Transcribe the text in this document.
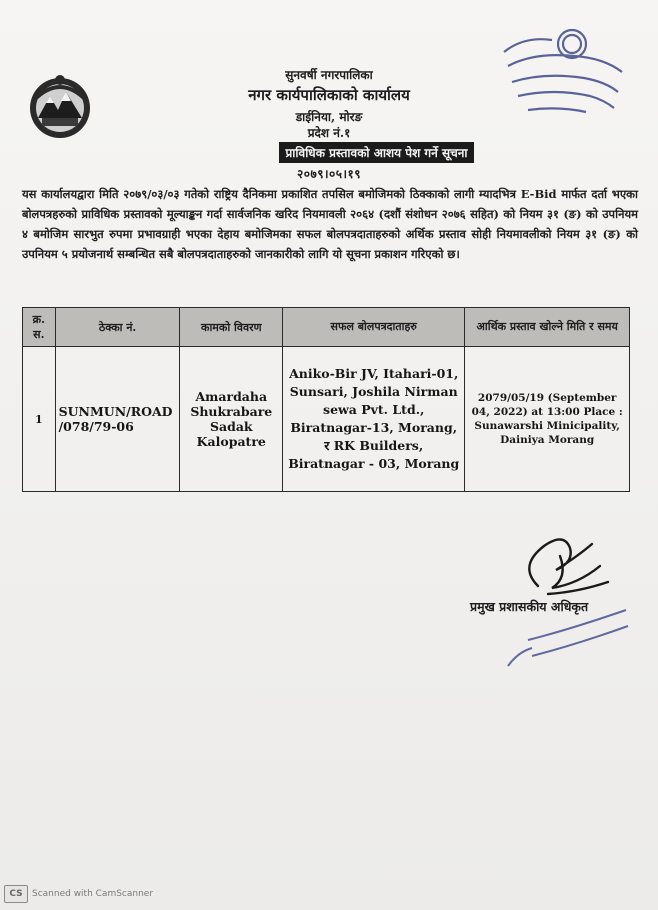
सुनवर्षी नगरपालिका
नगर कार्यपालिकाको कार्यालय
डाईनिया, मोरङ
प्रदेश नं.१
प्राविधिक प्रस्तावको आशय पेश गर्ने सूचना
२०७९।०५।१९
यस कार्यालयद्वारा मिति २०७९/०३/०३ गतेको राष्ट्रिय दैनिकमा प्रकाशित तपसिल बमोजिमको ठिक्काको लागी म्यादभित्र E-Bid मार्फत दर्ता भएका बोलपत्रहरुको प्राविधिक प्रस्तावको मूल्याङ्कन गर्दा सार्वजनिक खरिद नियमावली २०६४ (दशौं संशोधन २०७६ सहित) को नियम ३१ (ङ) को उपनियम ४ बमोजिम सारभुत रुपमा प्रभावग्राही भएका देहाय बमोजिमका सफल बोलपत्रदाताहरुको अर्थिक प्रस्ताव सोही नियमावलीको नियम ३१ (ङ) को उपनियम ५ प्रयोजनार्थ सम्बन्धित सबै बोलपत्रदाताहरुको जानकारीको लागि यो सूचना प्रकाशन गरिएको छ।
क्र. स.	ठेक्का नं.	कामको विवरण	सफल बोलपत्रदाताहरु	आर्थिक प्रस्ताव खोल्ने मिति र समय
1	SUNMUN/ROAD /078/79-06	Amardaha Shukrabare Sadak Kalopatre	Aniko-Bir JV, Itahari-01, Sunsari, Joshila Nirman sewa Pvt. Ltd., Biratnagar-13, Morang, र RK Builders, Biratnagar - 03, Morang	2079/05/19 (September 04, 2022) at 13:00 Place : Sunawarshi Minicipality, Dainiya Morang
प्रमुख प्रशासकीय अधिकृत
CS	Scanned with CamScanner
